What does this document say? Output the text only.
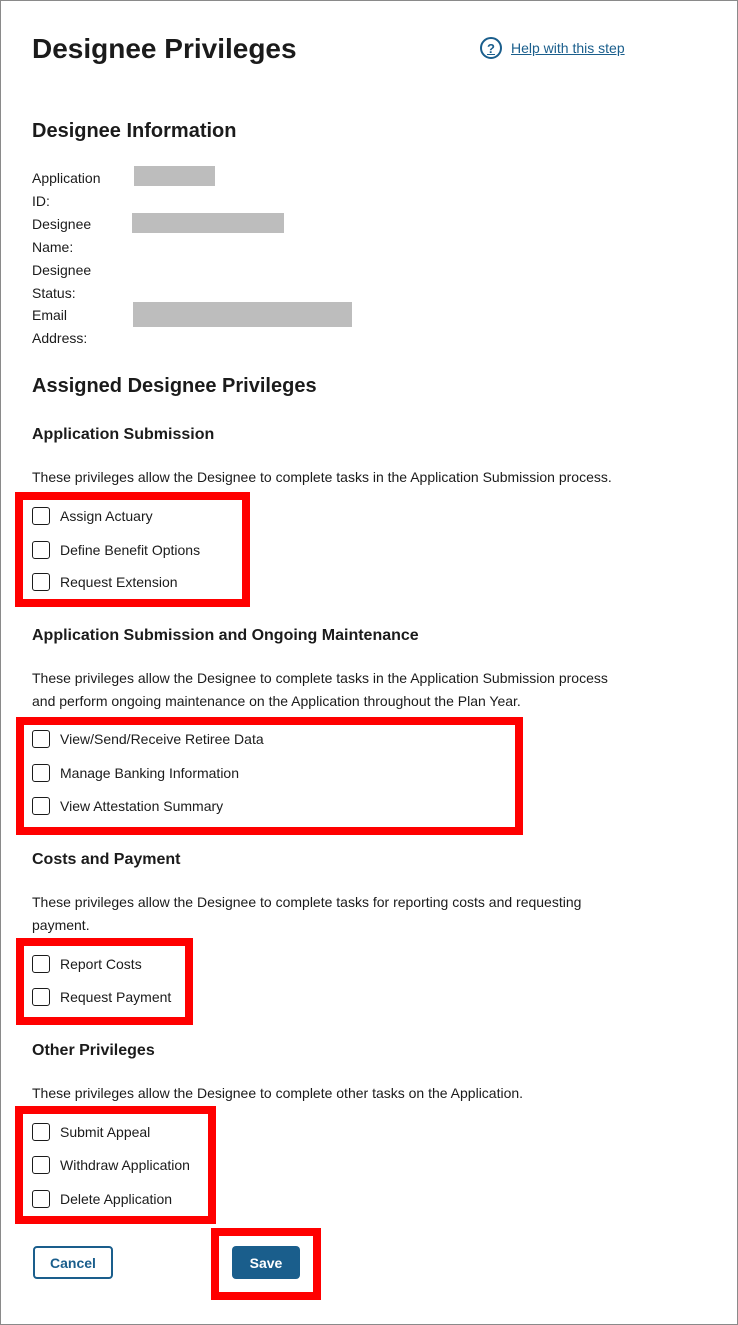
Designee Privileges	?	Help with this step
Designee Information
Application
ID:
Designee
Name:
Designee
Status:
Email
Address:
Assigned Designee Privileges
Application Submission

These privileges allow the Designee to complete tasks in the Application Submission process.

Assign Actuary
Define Benefit Options
Request Extension
Application Submission and Ongoing Maintenance

These privileges allow the Designee to complete tasks in the Application Submission process
and perform ongoing maintenance on the Application throughout the Plan Year.

View/Send/Receive Retiree Data
Manage Banking Information
View Attestation Summary
Costs and Payment

These privileges allow the Designee to complete tasks for reporting costs and requesting
payment.

Report Costs
Request Payment
Other Privileges

These privileges allow the Designee to complete other tasks on the Application.

Submit Appeal
Withdraw Application
Delete Application
Cancel	Save
